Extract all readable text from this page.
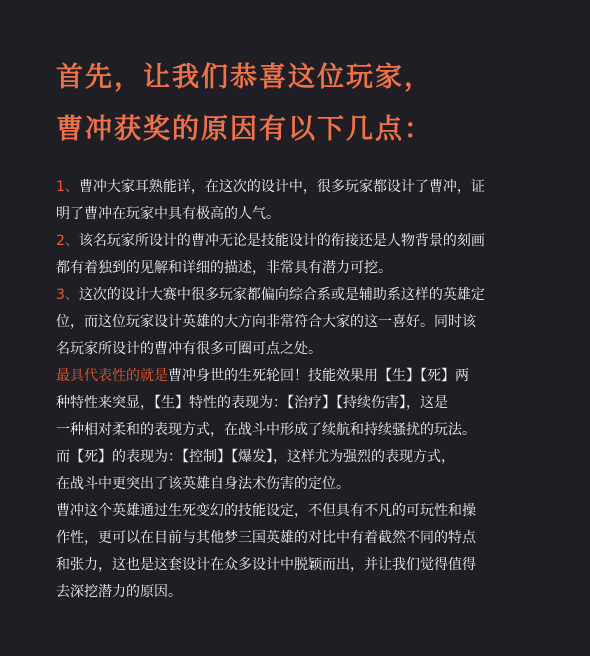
首先，让我们恭喜这位玩家，
曹冲获奖的原因有以下几点：
1、曹冲大家耳熟能详，在这次的设计中，很多玩家都设计了曹冲，证
明了曹冲在玩家中具有极高的人气。
2、该名玩家所设计的曹冲无论是技能设计的衔接还是人物背景的刻画
都有着独到的见解和详细的描述，非常具有潜力可挖。
3、这次的设计大赛中很多玩家都偏向综合系或是辅助系这样的英雄定
位，而这位玩家设计英雄的大方向非常符合大家的这一喜好。同时该
名玩家所设计的曹冲有很多可圈可点之处。
最具代表性的就是曹冲身世的生死轮回！技能效果用【生】【死】两
种特性来突显，【生】特性的表现为：【治疗】【持续伤害】，这是
一种相对柔和的表现方式，在战斗中形成了续航和持续骚扰的玩法。
而【死】的表现为：【控制】【爆发】，这样尤为强烈的表现方式，
在战斗中更突出了该英雄自身法术伤害的定位。
曹冲这个英雄通过生死变幻的技能设定，不但具有不凡的可玩性和操
作性，更可以在目前与其他梦三国英雄的对比中有着截然不同的特点
和张力，这也是这套设计在众多设计中脱颖而出，并让我们觉得值得
去深挖潜力的原因。
